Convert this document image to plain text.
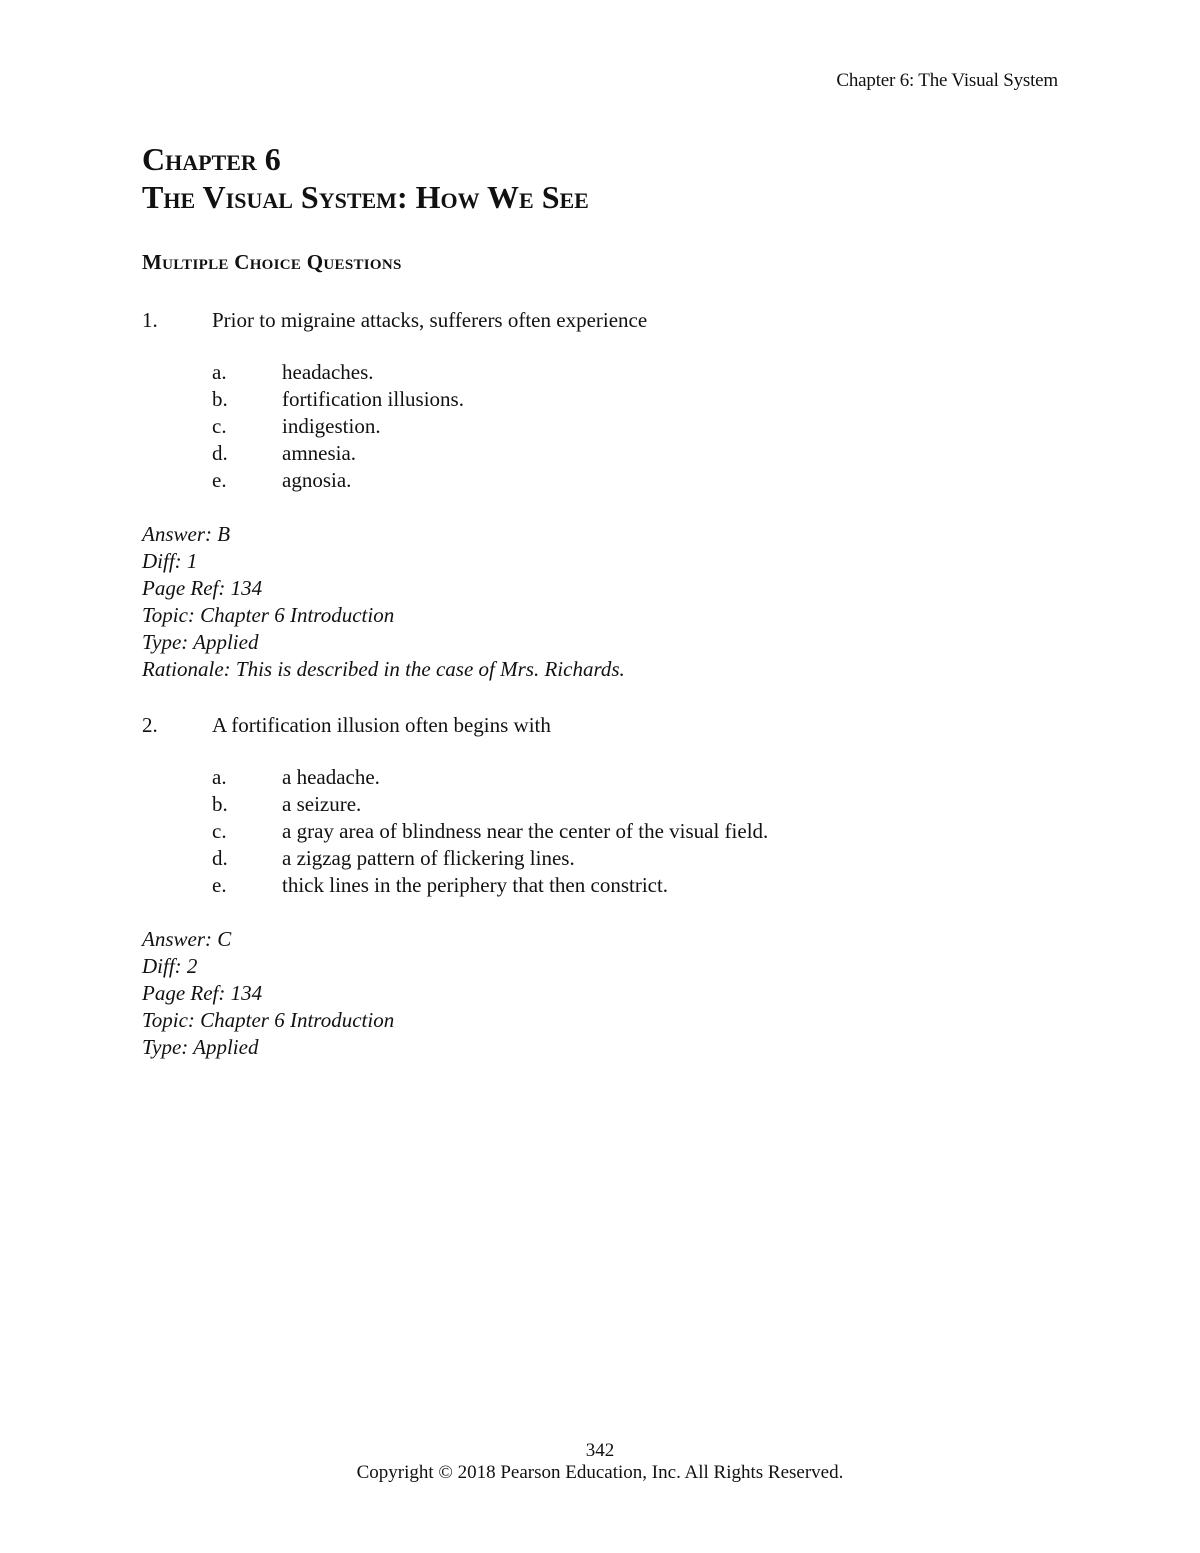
Chapter 6: The Visual System
Chapter 6
The Visual System: How We See
Multiple Choice Questions
1.	Prior to migraine attacks, sufferers often experience
a.	headaches.
b.	fortification illusions.
c.	indigestion.
d.	amnesia.
e.	agnosia.
Answer: B
Diff: 1
Page Ref: 134
Topic: Chapter 6 Introduction
Type: Applied
Rationale: This is described in the case of Mrs. Richards.
2.	A fortification illusion often begins with
a.	a headache.
b.	a seizure.
c.	a gray area of blindness near the center of the visual field.
d.	a zigzag pattern of flickering lines.
e.	thick lines in the periphery that then constrict.
Answer: C
Diff: 2
Page Ref: 134
Topic: Chapter 6 Introduction
Type: Applied
342
Copyright © 2018 Pearson Education, Inc. All Rights Reserved.
